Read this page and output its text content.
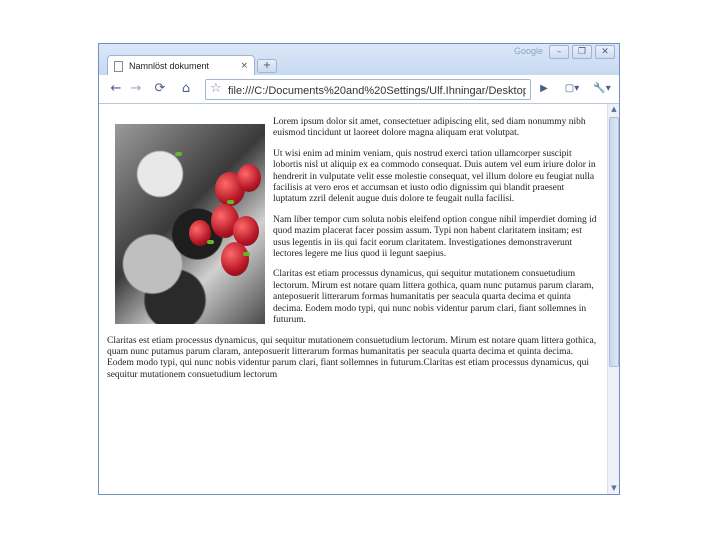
Google	–	❐	✕
Namnlöst dokument	×	+
← → ⟳	⌂	☆
file:///C:/Documents%20and%20Settings/Ulf.Ihningar/Desktop/	▶	▢▾	🔧▾

Lorem ipsum dolor sit amet, consectetuer adipiscing elit, sed diam nonummy nibh euismod tincidunt ut laoreet dolore magna aliquam erat volutpat.

Ut wisi enim ad minim veniam, quis nostrud exerci tation ullamcorper suscipit lobortis nisl ut aliquip ex ea commodo consequat. Duis autem vel eum iriure dolor in hendrerit in vulputate velit esse molestie consequat, vel illum dolore eu feugiat nulla facilisis at vero eros et accumsan et iusto odio dignissim qui blandit praesent luptatum zzril delenit augue duis dolore te feugait nulla facilisi.

Nam liber tempor cum soluta nobis eleifend option congue nihil imperdiet doming id quod mazim placerat facer possim assum. Typi non habent claritatem insitam; est usus legentis in iis qui facit eorum claritatem. Investigationes demonstraverunt lectores legere me lius quod ii legunt saepius.

Claritas est etiam processus dynamicus, qui sequitur mutationem consuetudium lectorum. Mirum est notare quam littera gothica, quam nunc putamus parum claram, anteposuerit litterarum formas humanitatis per seacula quarta decima et quinta decima. Eodem modo typi, qui nunc nobis videntur parum clari, fiant sollemnes in futurum.

Claritas est etiam processus dynamicus, qui sequitur mutationem consuetudium lectorum. Mirum est notare quam littera gothica, quam nunc putamus parum claram, anteposuerit litterarum formas humanitatis per seacula quarta decima et quinta decima. Eodem modo typi, qui nunc nobis videntur parum clari, fiant sollemnes in futurum.Claritas est etiam processus dynamicus, qui sequitur mutationem consuetudium lectorum

▲
▼
